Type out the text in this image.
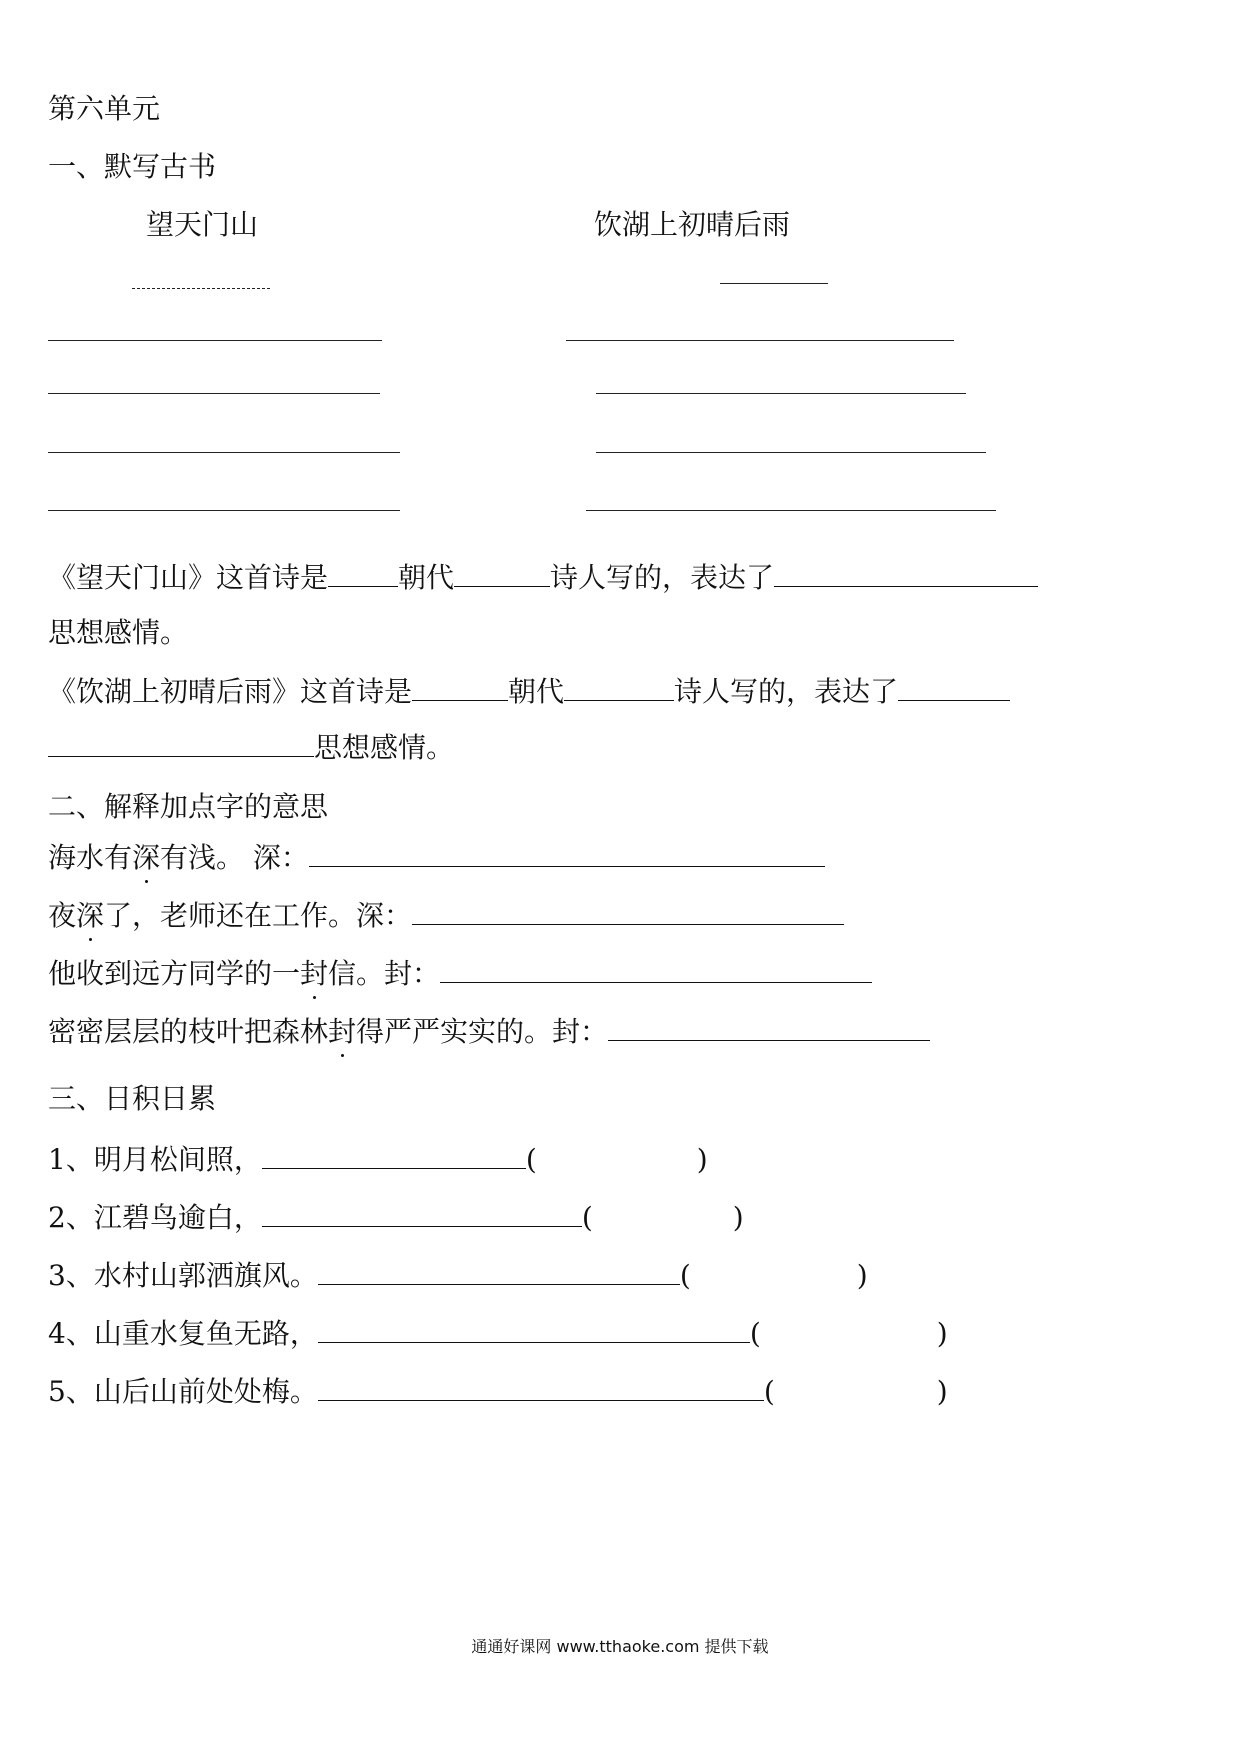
第六单元
一、默写古书
望天门山	饮湖上初晴后雨
《望天门山》这首诗是	朝代	诗人写的，表达了
思想感情。
《饮湖上初晴后雨》这首诗是	朝代	诗人写的，表达了
思想感情。
二、解释加点字的意思
海水有深有浅。 深：
夜深了，老师还在工作。深：
他收到远方同学的一封信。封：
密密层层的枝叶把森林封得严严实实的。封：
三、日积日累
1、明月松间照，	(	)
2、江碧鸟逾白，	(	)
3、水村山郭洒旗风。	(	)
4、山重水复鱼无路，	(	)
5、山后山前处处梅。	(	)
通通好课网 www.tthaoke.com 提供下载
